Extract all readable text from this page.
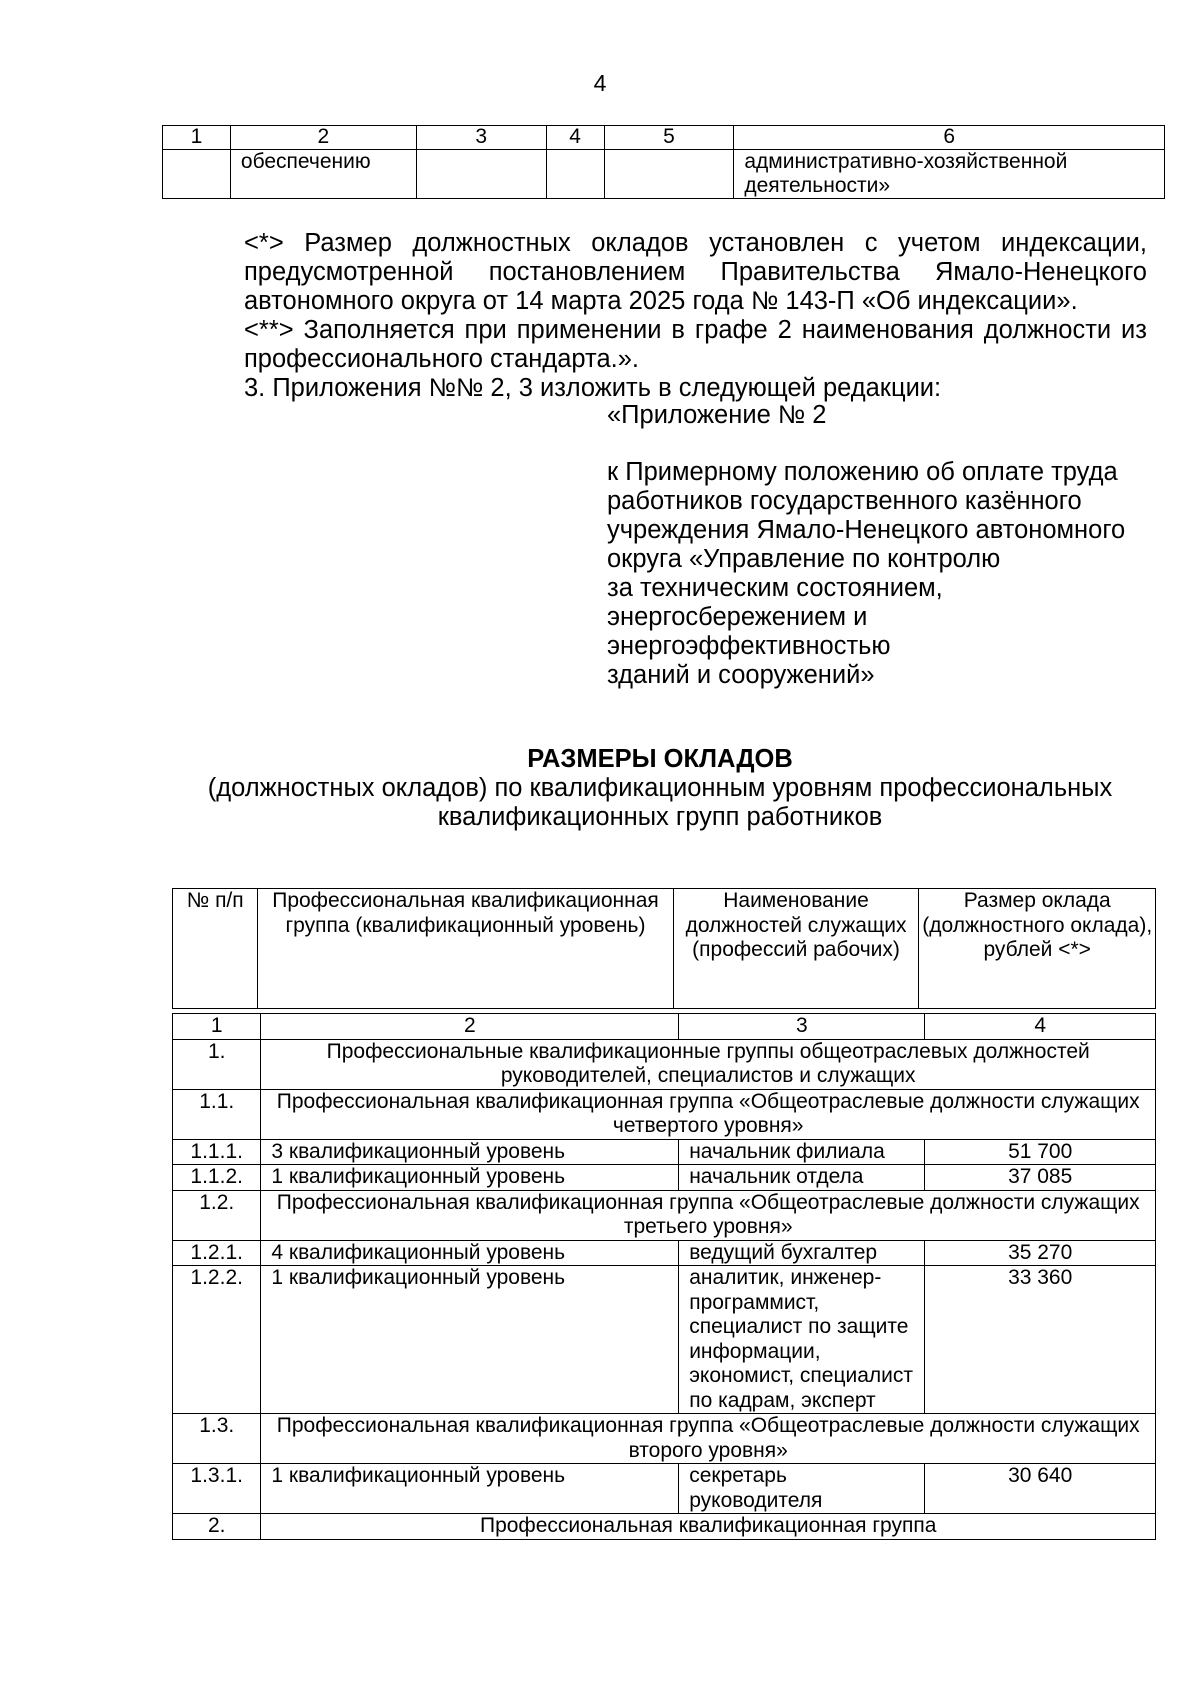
4
1	2	3	4	5	6
	обеспечению				административно-хозяйственной деятельности»

<*> Размер должностных окладов установлен с учетом индексации, предусмотренной постановлением Правительства Ямало-Ненецкого автономного округа от 14 марта 2025 года № 143-П «Об индексации».

<**> Заполняется при применении в графе 2 наименования должности из профессионального стандарта.».

3. Приложения №№ 2, 3 изложить в следующей редакции:

«Приложение № 2

к Примерному положению об оплате труда

работников государственного казённого

учреждения Ямало-Ненецкого автономного

округа «Управление по контролю

за техническим состоянием,

энергосбережением и

энергоэффективностью

зданий и сооружений»

РАЗМЕРЫ ОКЛАДОВ
(должностных окладов) по квалификационным уровням профессиональных
квалификационных групп работников
№ п/п	Профессиональная квалификационная группа (квалификационный уровень)	Наименование должностей служащих (профессий рабочих)	Размер оклада (должностного оклада), рублей <*>
1	2	3	4
1.	Профессиональные квалификационные группы общеотраслевых должностей руководителей, специалистов и служащих		
1.1.	Профессиональная квалификационная группа «Общеотраслевые должности служащих четвертого уровня»		
1.1.1.	3 квалификационный уровень	начальник филиала	51 700
1.1.2.	1 квалификационный уровень	начальник отдела	37 085
1.2.	Профессиональная квалификационная группа «Общеотраслевые должности служащих третьего уровня»		
1.2.1.	4 квалификационный уровень	ведущий бухгалтер	35 270
1.2.2.	1 квалификационный уровень	аналитик, инженер-программист, специалист по защите информации, экономист, специалист по кадрам, эксперт	33 360
1.3.	Профессиональная квалификационная группа «Общеотраслевые должности служащих второго уровня»		
1.3.1.	1 квалификационный уровень	секретарь руководителя	30 640
2.	Профессиональная квалификационная группа		
